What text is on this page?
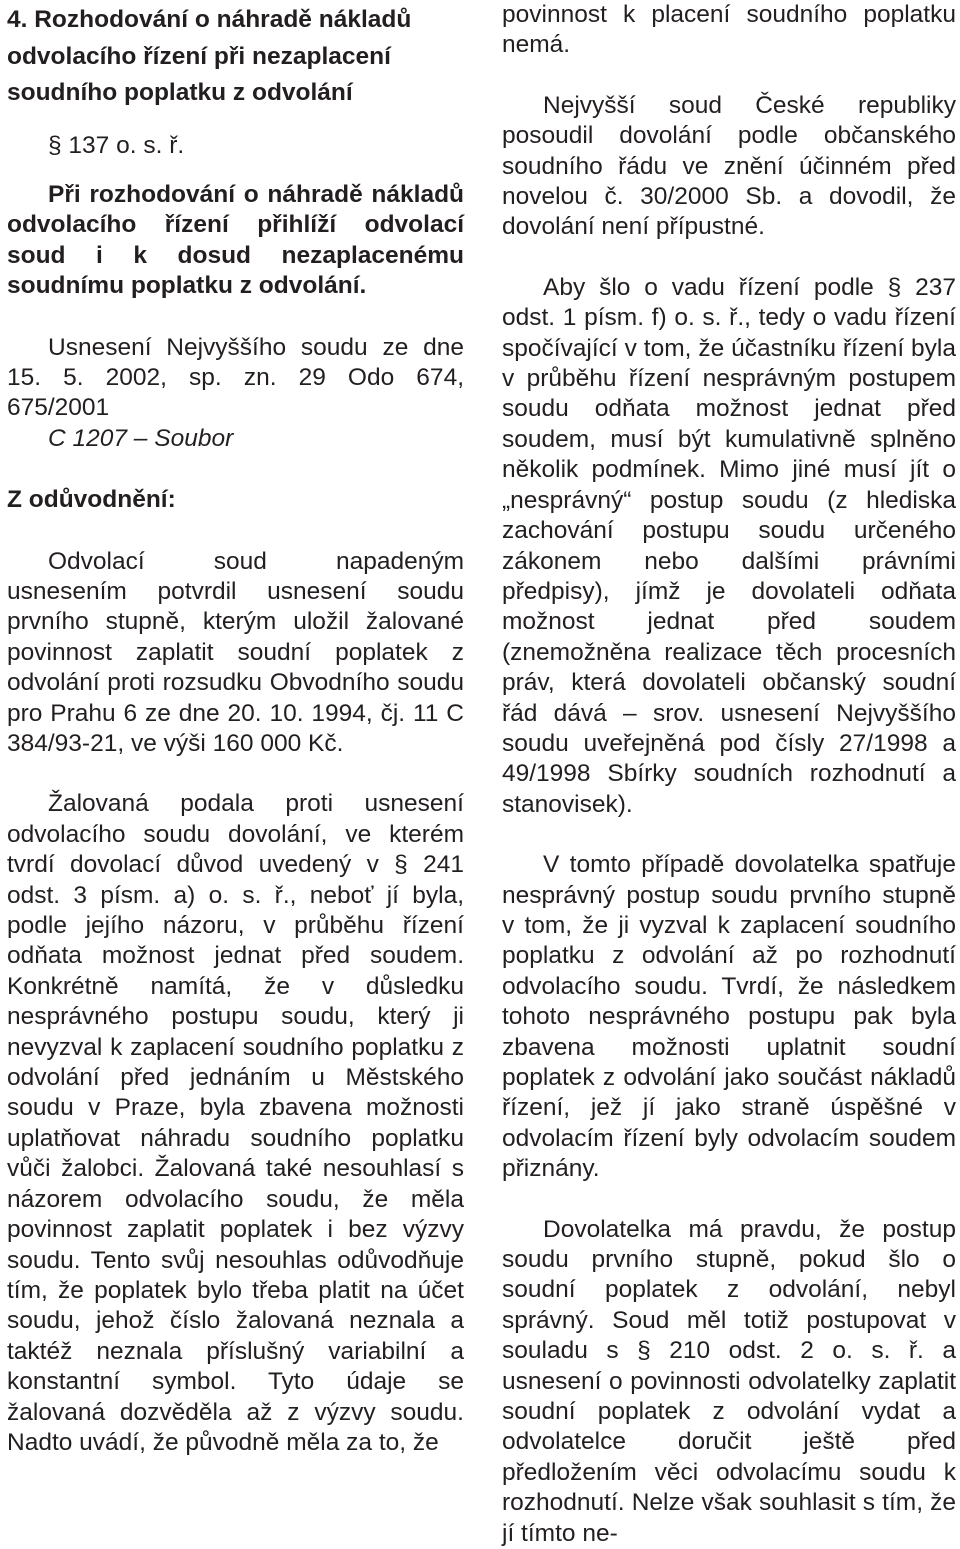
4. Rozhodování o náhradě nákladů odvolacího řízení při nezaplacení soudního poplatku z odvolání

§ 137 o. s. ř.

Při rozhodování o náhradě nákladů odvolacího řízení přihlíží odvolací soud i k dosud nezaplacenému soudnímu poplatku z odvolání.

Usnesení Nejvyššího soudu ze dne 15. 5. 2002, sp. zn. 29 Odo 674, 675/2001

C 1207 – Soubor

Z odůvodnění:

Odvolací soud napadeným usnesením potvrdil usnesení soudu prvního stupně, kterým uložil žalované povinnost zaplatit soudní poplatek z odvolání proti rozsudku Obvodního soudu pro Prahu 6 ze dne 20. 10. 1994, čj. 11 C 384/93-21, ve výši 160 000 Kč.

Žalovaná podala proti usnesení odvolacího soudu dovolání, ve kterém tvrdí dovolací důvod uvedený v § 241 odst. 3 písm. a) o. s. ř., neboť jí byla, podle jejího názoru, v průběhu řízení odňata možnost jednat před soudem. Konkrétně namítá, že v důsledku nesprávného postupu soudu, který ji nevyzval k zaplacení soudního poplatku z odvolání před jednáním u Městského soudu v Praze, byla zbavena možnosti uplatňovat náhradu soudního poplatku vůči žalobci. Žalovaná také nesouhlasí s názorem odvolacího soudu, že měla povinnost zaplatit poplatek i bez výzvy soudu. Tento svůj nesouhlas odůvodňuje tím, že poplatek bylo třeba platit na účet soudu, jehož číslo žalovaná neznala a taktéž neznala příslušný variabilní a konstantní symbol. Tyto údaje se žalovaná dozvěděla až z výzvy soudu. Nadto uvádí, že původně měla za to, že

povinnost k placení soudního poplatku nemá.

Nejvyšší soud České republiky posoudil dovolání podle občanského soudního řádu ve znění účinném před novelou č. 30/2000 Sb. a dovodil, že dovolání není přípustné.

Aby šlo o vadu řízení podle § 237 odst. 1 písm. f) o. s. ř., tedy o vadu řízení spočívající v tom, že účastníku řízení byla v průběhu řízení nesprávným postupem soudu odňata možnost jednat před soudem, musí být kumulativně splněno několik podmínek. Mimo jiné musí jít o „nesprávný“ postup soudu (z hlediska zachování postupu soudu určeného zákonem nebo dalšími právními předpisy), jímž je dovolateli odňata možnost jednat před soudem (znemožněna realizace těch procesních práv, která dovolateli občanský soudní řád dává – srov. usnesení Nejvyššího soudu uveřejněná pod čísly 27/1998 a 49/1998 Sbírky soudních rozhodnutí a stanovisek).

V tomto případě dovolatelka spatřuje nesprávný postup soudu prvního stupně v tom, že ji vyzval k zaplacení soudního poplatku z odvolání až po rozhodnutí odvolacího soudu. Tvrdí, že následkem tohoto nesprávného postupu pak byla zbavena možnosti uplatnit soudní poplatek z odvolání jako součást nákladů řízení, jež jí jako straně úspěšné v odvolacím řízení byly odvolacím soudem přiznány.

Dovolatelka má pravdu, že postup soudu prvního stupně, pokud šlo o soudní poplatek z odvolání, nebyl správný. Soud měl totiž postupovat v souladu s § 210 odst. 2 o. s. ř. a usnesení o povinnosti odvolatelky zaplatit soudní poplatek z odvolání vydat a odvolatelce doručit ještě před předložením věci odvolacímu soudu k rozhodnutí. Nelze však souhlasit s tím, že jí tímto ne-
